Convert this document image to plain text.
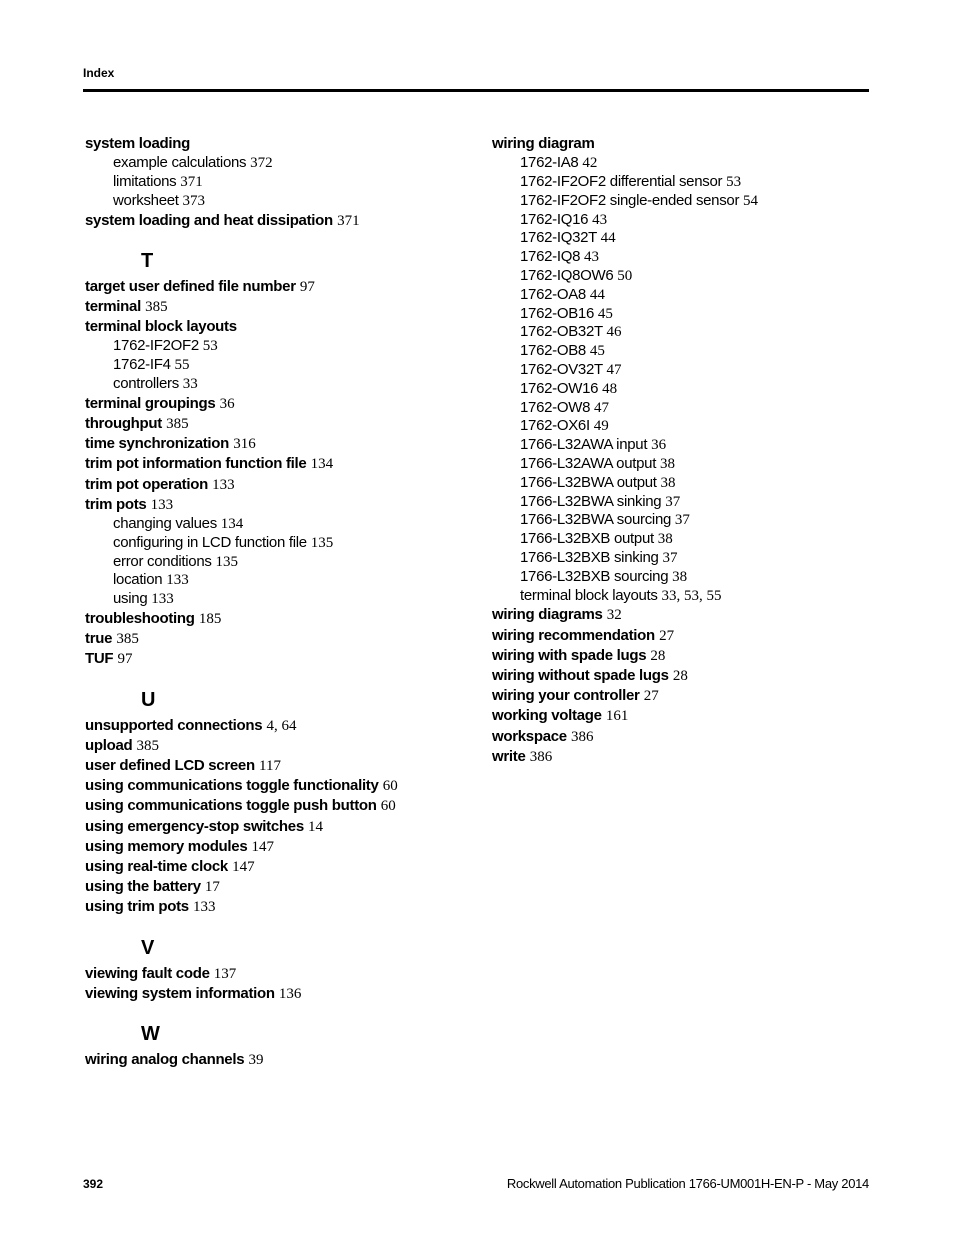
Index
system loading
example calculations 372
limitations 371
worksheet 373
system loading and heat dissipation 371
T
target user defined file number 97
terminal 385
terminal block layouts
1762-IF2OF2 53
1762-IF4 55
controllers 33
terminal groupings 36
throughput 385
time synchronization 316
trim pot information function file 134
trim pot operation 133
trim pots 133
changing values 134
configuring in LCD function file 135
error conditions 135
location 133
using 133
troubleshooting 185
true 385
TUF 97
U
unsupported connections 4, 64
upload 385
user defined LCD screen 117
using communications toggle functionality 60
using communications toggle push button 60
using emergency-stop switches 14
using memory modules 147
using real-time clock 147
using the battery 17
using trim pots 133
V
viewing fault code 137
viewing system information 136
W
wiring analog channels 39
wiring diagram
1762-IA8 42
1762-IF2OF2 differential sensor 53
1762-IF2OF2 single-ended sensor 54
1762-IQ16 43
1762-IQ32T 44
1762-IQ8 43
1762-IQ8OW6 50
1762-OA8 44
1762-OB16 45
1762-OB32T 46
1762-OB8 45
1762-OV32T 47
1762-OW16 48
1762-OW8 47
1762-OX6I 49
1766-L32AWA input 36
1766-L32AWA output 38
1766-L32BWA output 38
1766-L32BWA sinking 37
1766-L32BWA sourcing 37
1766-L32BXB output 38
1766-L32BXB sinking 37
1766-L32BXB sourcing 38
terminal block layouts 33, 53, 55
wiring diagrams 32
wiring recommendation 27
wiring with spade lugs 28
wiring without spade lugs 28
wiring your controller 27
working voltage 161
workspace 386
write 386
392	Rockwell Automation Publication 1766-UM001H-EN-P - May 2014
